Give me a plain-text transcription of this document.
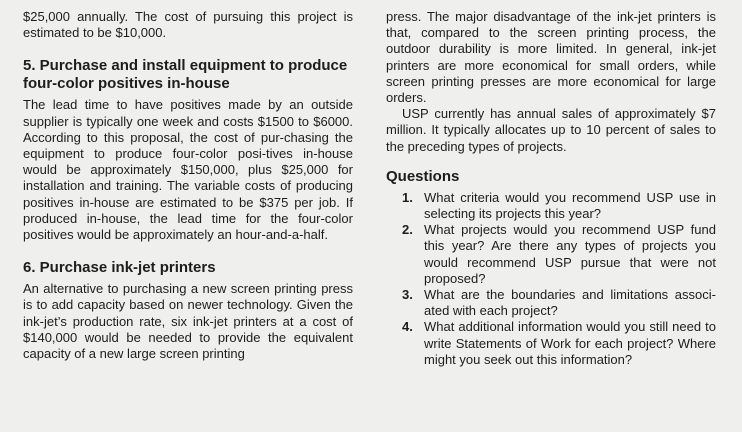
$25,000 annually. The cost of pursuing this project is estimated to be $10,000.

5. Purchase and install equipment to produce four-color positives in-house

The lead time to have positives made by an outside supplier is typically one week and costs $1500 to $6000. According to this proposal, the cost of pur-chasing the equipment to produce four-color posi-tives in-house would be approximately $150,000, plus $25,000 for installation and training. The variable costs of producing positives in-house are estimated to be $375 per job. If produced in-house, the lead time for the four-color positives would be approximately an hour-and-a-half.

6. Purchase ink-jet printers

An alternative to purchasing a new screen printing press is to add capacity based on newer technology. Given the ink-jet’s production rate, six ink-jet printers at a cost of $140,000 would be needed to provide the equivalent capacity of a new large screen printing

press. The major disadvantage of the ink-jet printers is that, compared to the screen printing process, the outdoor durability is more limited. In general, ink-jet printers are more economical for small orders, while screen printing presses are more economical for large orders.

USP currently has annual sales of approximately $7 million. It typically allocates up to 10 percent of sales to the preceding types of projects.

Questions
1. What criteria would you recommend USP use in selecting its projects this year?
2. What projects would you recommend USP fund this year? Are there any types of projects you would recommend USP pursue that were not proposed?
3. What are the boundaries and limitations associ-ated with each project?
4. What additional information would you still need to write Statements of Work for each project? Where might you seek out this information?
